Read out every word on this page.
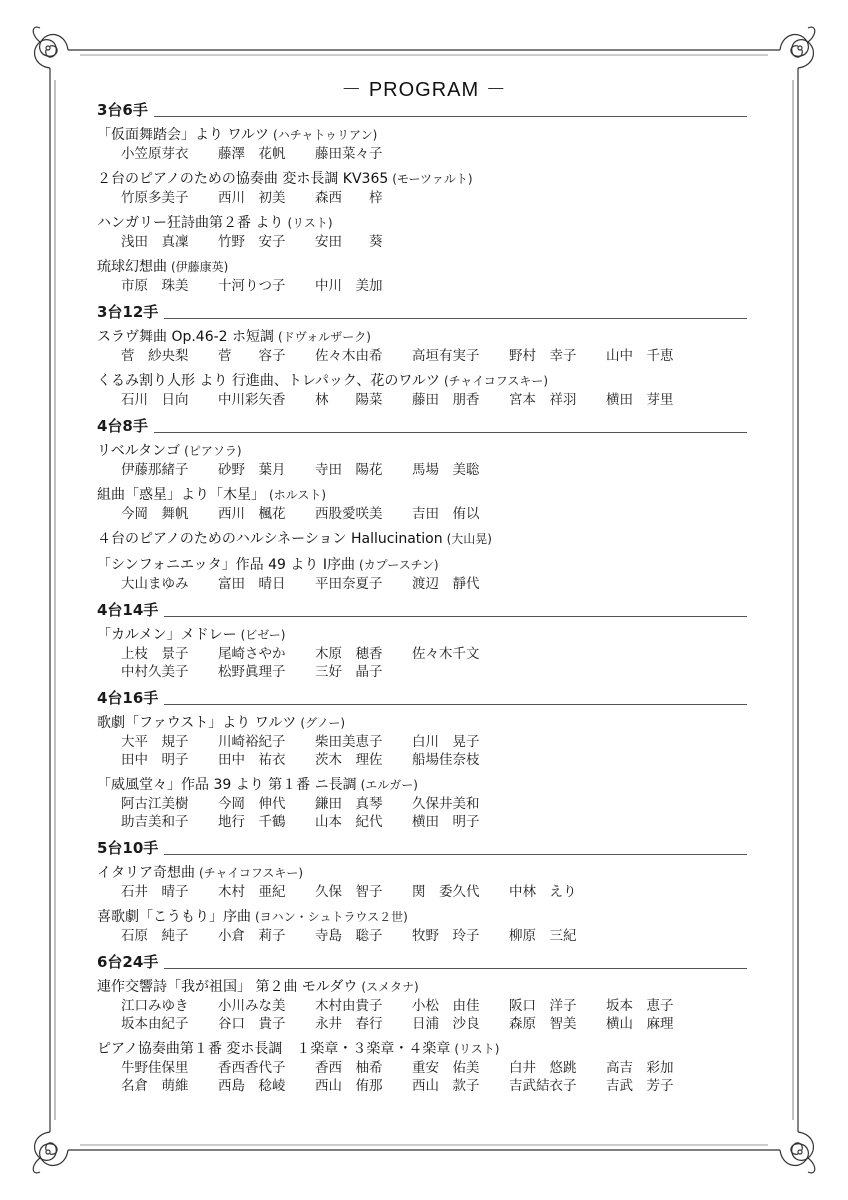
－ PROGRAM －
3台6手
「仮面舞踏会」より ワルツ (ハチャトゥリアン)
小笠原芽衣	藤澤　花帆	藤田菜々子
２台のピアノのための協奏曲 変ホ長調 KV365 (モーツァルト)
竹原多美子	西川　初美	森西　　梓
ハンガリー狂詩曲第２番 より (リスト)
浅田　真凜	竹野　安子	安田　　葵
琉球幻想曲 (伊藤康英)
市原　珠美	十河りつ子	中川　美加
3台12手
スラヴ舞曲 Op.46-2 ホ短調 (ドヴォルザーク)
菅　紗央梨	菅　　容子	佐々木由希	高垣有実子	野村　幸子	山中　千恵
くるみ割り人形 より 行進曲、トレパック、花のワルツ (チャイコフスキー)
石川　日向	中川彩矢香	林　　陽菜	藤田　朋香	宮本　祥羽	横田　芽里
4台8手
リベルタンゴ (ピアソラ)
伊藤那緒子	砂野　葉月	寺田　陽花	馬場　美聡
組曲「惑星」より「木星」 (ホルスト)
今岡　舞帆	西川　楓花	西股愛咲美	吉田　侑以
４台のピアノのためのハルシネーション Hallucination (大山晃)
「シンフォニエッタ」作品 49 より Ⅰ序曲 (カプースチン)
大山まゆみ	富田　晴日	平田奈夏子	渡辺　靜代
4台14手
「カルメン」メドレー (ビゼー)
上枝　景子	尾崎さやか	木原　穂香	佐々木千文
中村久美子	松野眞理子	三好　晶子
4台16手
歌劇「ファウスト」より ワルツ (グノー)
大平　規子	川崎裕紀子	柴田美恵子	白川　晃子
田中　明子	田中　祐衣	茨木　理佐	船場佳奈枝
「威風堂々」作品 39 より 第１番 ニ長調 (エルガー)
阿古江美樹	今岡　伸代	鎌田　真琴	久保井美和
助吉美和子	地行　千鶴	山本　紀代	横田　明子
5台10手
イタリア奇想曲 (チャイコフスキー)
石井　晴子	木村　亜紀	久保　智子	関　委久代	中林　えり
喜歌劇「こうもり」序曲 (ヨハン・シュトラウス２世)
石原　純子	小倉　莉子	寺島　聡子	牧野　玲子	柳原　三紀
6台24手
連作交響詩「我が祖国」 第２曲 モルダウ (スメタナ)
江口みゆき	小川みな美	木村由貴子	小松　由佳	阪口　洋子	坂本　恵子
坂本由紀子	谷口　貴子	永井　春行	日浦　沙良	森原　智美	横山　麻理
ピアノ協奏曲第１番 変ホ長調　１楽章・３楽章・４楽章 (リスト)
牛野佳保里	香西香代子	香西　柚希	重安　佑美	白井　悠跳	高吉　彩加
名倉　萌維	西島　稔崚	西山　侑那	西山　款子	吉武結衣子	吉武　芳子
